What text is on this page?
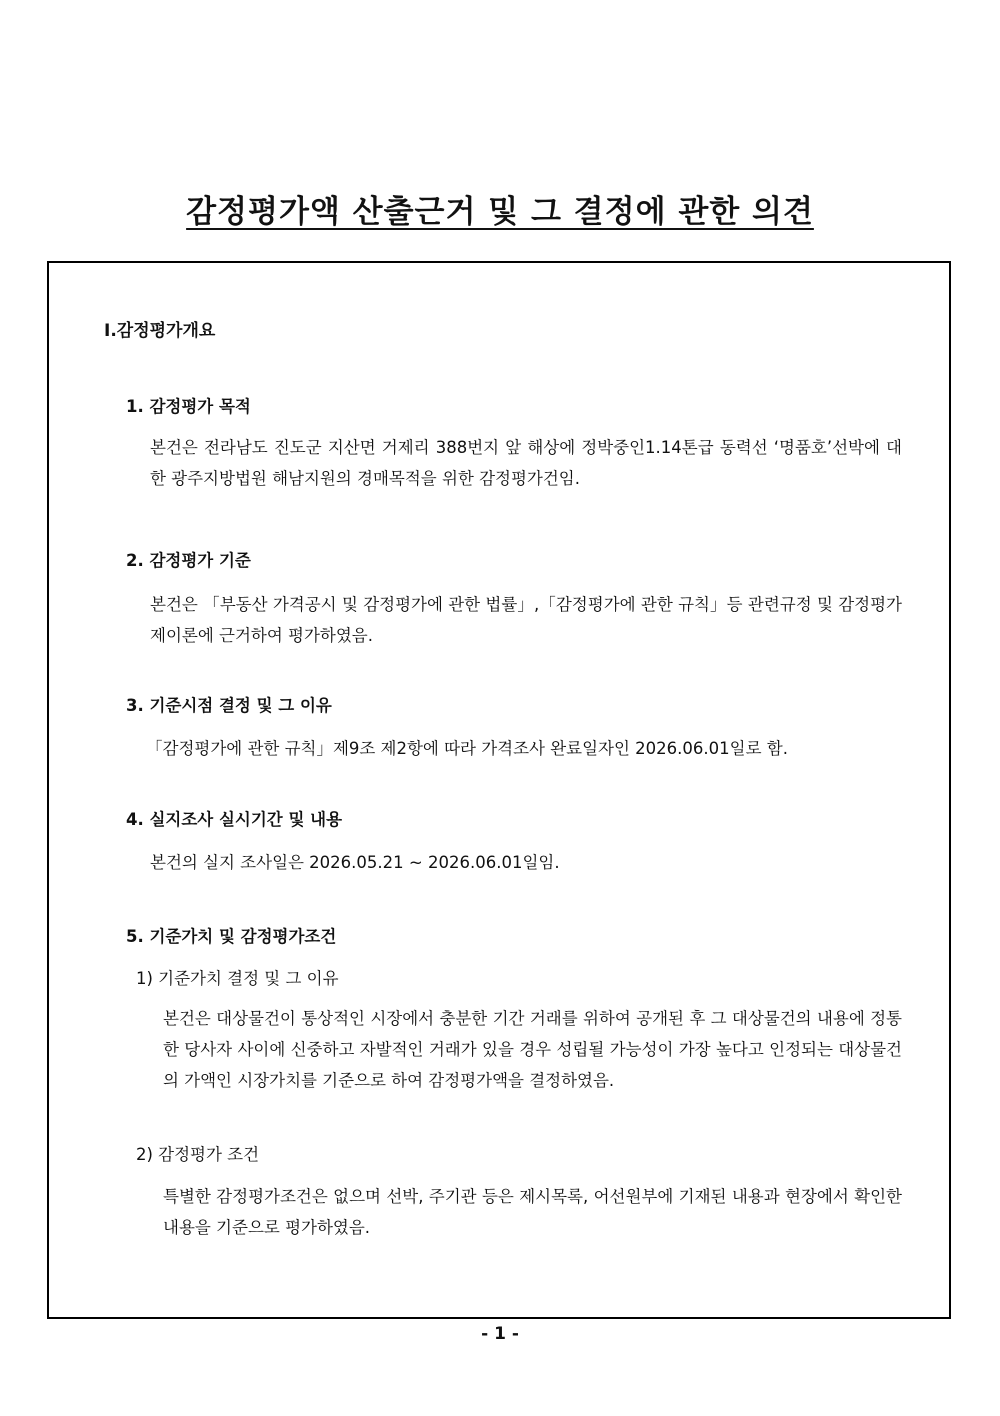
감정평가액 산출근거 및 그 결정에 관한 의견
Ⅰ.감정평가개요
1. 감정평가 목적
본건은 전라남도 진도군 지산면 거제리 388번지 앞 해상에 정박중인1.14톤급 동력선 ‘명품호’선박에 대한 광주지방법원 해남지원의 경매목적을 위한 감정평가건임.
2. 감정평가 기준
본건은 「부동산 가격공시 및 감정평가에 관한 법률」,「감정평가에 관한 규칙」등 관련규정 및 감정평가 제이론에 근거하여 평가하였음.
3. 기준시점 결정 및 그 이유
「감정평가에 관한 규칙」제9조 제2항에 따라 가격조사 완료일자인 2026.06.01일로 함.
4. 실지조사 실시기간 및 내용
본건의 실지 조사일은 2026.05.21 ~ 2026.06.01일임.
5. 기준가치 및 감정평가조건
1) 기준가치 결정 및 그 이유
본건은 대상물건이 통상적인 시장에서 충분한 기간 거래를 위하여 공개된 후 그 대상물건의 내용에 정통한 당사자 사이에 신중하고 자발적인 거래가 있을 경우 성립될 가능성이 가장 높다고 인정되는 대상물건의 가액인 시장가치를 기준으로 하여 감정평가액을 결정하였음.
2) 감정평가 조건
특별한 감정평가조건은 없으며 선박, 주기관 등은 제시목록, 어선원부에 기재된 내용과 현장에서 확인한 내용을 기준으로 평가하였음.
- 1 -
